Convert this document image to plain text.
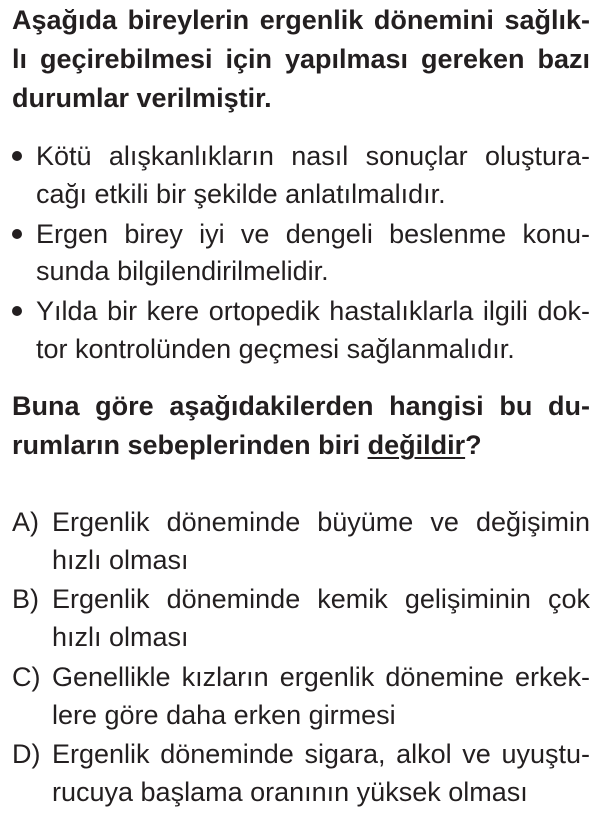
Aşağıda bireylerin ergenlik dönemini sağlık-
lı geçirebilmesi için yapılması gereken bazı
durumlar verilmiştir.
Kötü alışkanlıkların nasıl sonuçlar oluştura-
cağı etkili bir şekilde anlatılmalıdır.
Ergen birey iyi ve dengeli beslenme konu-
sunda bilgilendirilmelidir.
Yılda bir kere ortopedik hastalıklarla ilgili dok-
tor kontrolünden geçmesi sağlanmalıdır.
Buna göre aşağıdakilerden hangisi bu du-
rumların sebeplerinden biri değildir?
A) Ergenlik döneminde büyüme ve değişimin
hızlı olması
B) Ergenlik döneminde kemik gelişiminin çok
hızlı olması
C) Genellikle kızların ergenlik dönemine erkek-
lere göre daha erken girmesi
D) Ergenlik döneminde sigara, alkol ve uyuştu-
rucuya başlama oranının yüksek olması
